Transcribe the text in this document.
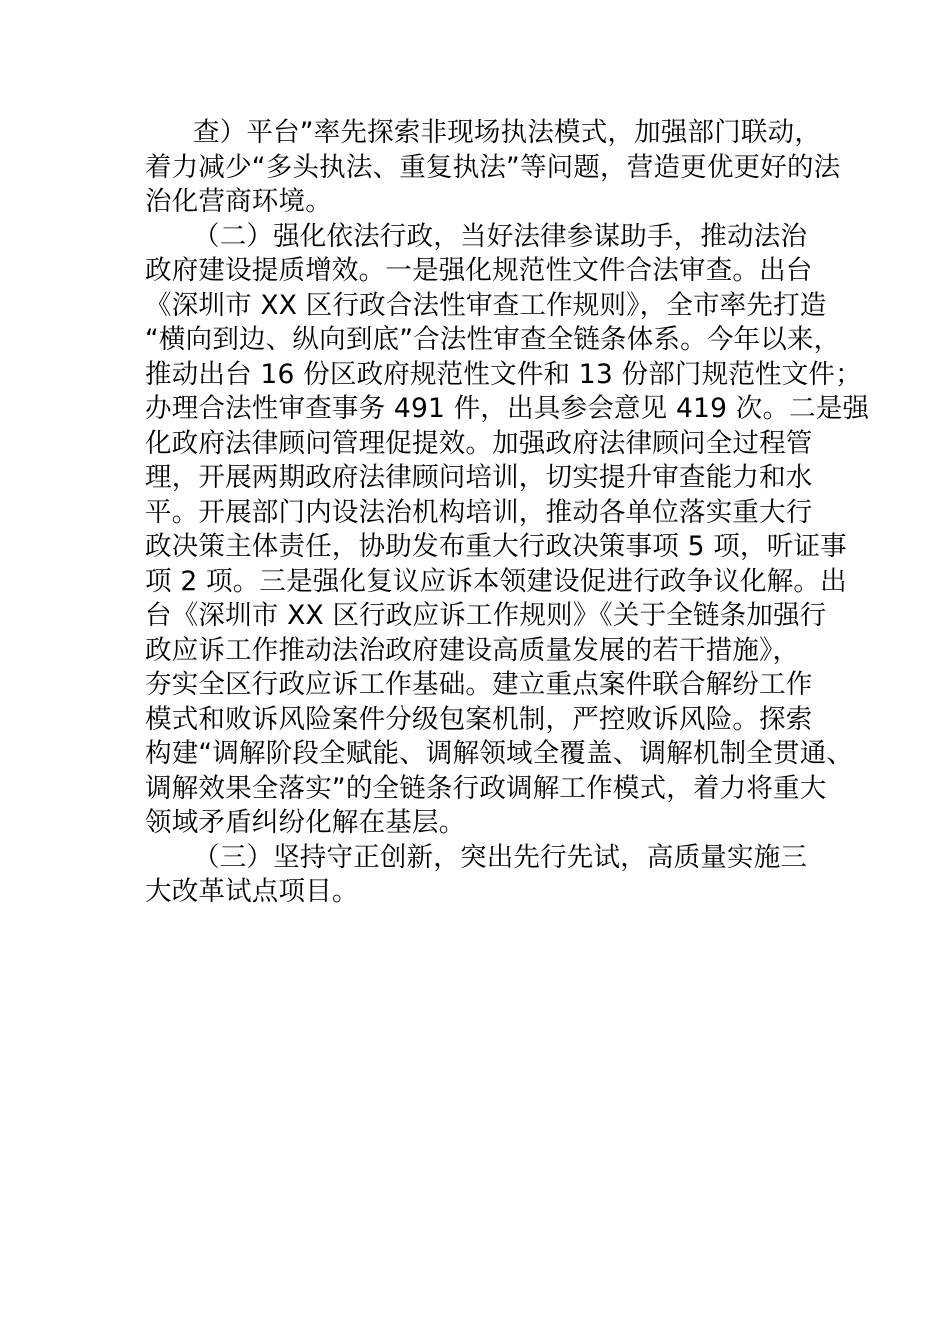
查）平台”率先探索非现场执法模式，加强部门联动，
着力减少“多头执法、重复执法”等问题，营造更优更好的法
治化营商环境。
（二）强化依法行政，当好法律参谋助手，推动法治
政府建设提质增效。一是强化规范性文件合法审查。出台
《深圳市 XX 区行政合法性审查工作规则》，全市率先打造
“横向到边、纵向到底”合法性审查全链条体系。今年以来，
推动出台 16 份区政府规范性文件和 13 份部门规范性文件；
办理合法性审查事务 491 件，出具参会意见 419 次。二是强
化政府法律顾问管理促提效。加强政府法律顾问全过程管
理，开展两期政府法律顾问培训，切实提升审查能力和水
平。开展部门内设法治机构培训，推动各单位落实重大行
政决策主体责任，协助发布重大行政决策事项 5 项，听证事
项 2 项。三是强化复议应诉本领建设促进行政争议化解。出
台《深圳市 XX 区行政应诉工作规则》《关于全链条加强行
政应诉工作推动法治政府建设高质量发展的若干措施》，
夯实全区行政应诉工作基础。建立重点案件联合解纷工作
模式和败诉风险案件分级包案机制，严控败诉风险。探索
构建“调解阶段全赋能、调解领域全覆盖、调解机制全贯通、
调解效果全落实”的全链条行政调解工作模式，着力将重大
领域矛盾纠纷化解在基层。
（三）坚持守正创新，突出先行先试，高质量实施三
大改革试点项目。
